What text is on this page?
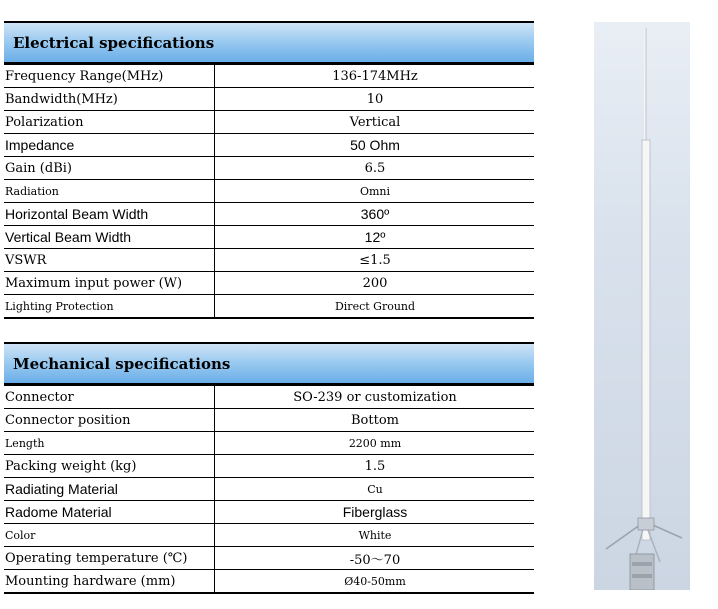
Electrical specifications
Frequency Range(MHz)	136-174MHz
Bandwidth(MHz)	10
Polarization	Vertical
Impedance	50 Ohm
Gain (dBi)	6.5
Radiation	Omni
Horizontal Beam Width	360º
Vertical Beam Width	12º
VSWR	≤1.5
Maximum input power (W)	200
Lighting Protection	Direct Ground
Mechanical specifications
Connector	SO-239 or customization
Connector position	Bottom
Length	2200 mm
Packing weight (kg)	1.5
Radiating Material	Cu
Radome Material	Fiberglass
Color	White
Operating temperature (℃)	-50～70
Mounting hardware (mm)	Ø40-50mm
